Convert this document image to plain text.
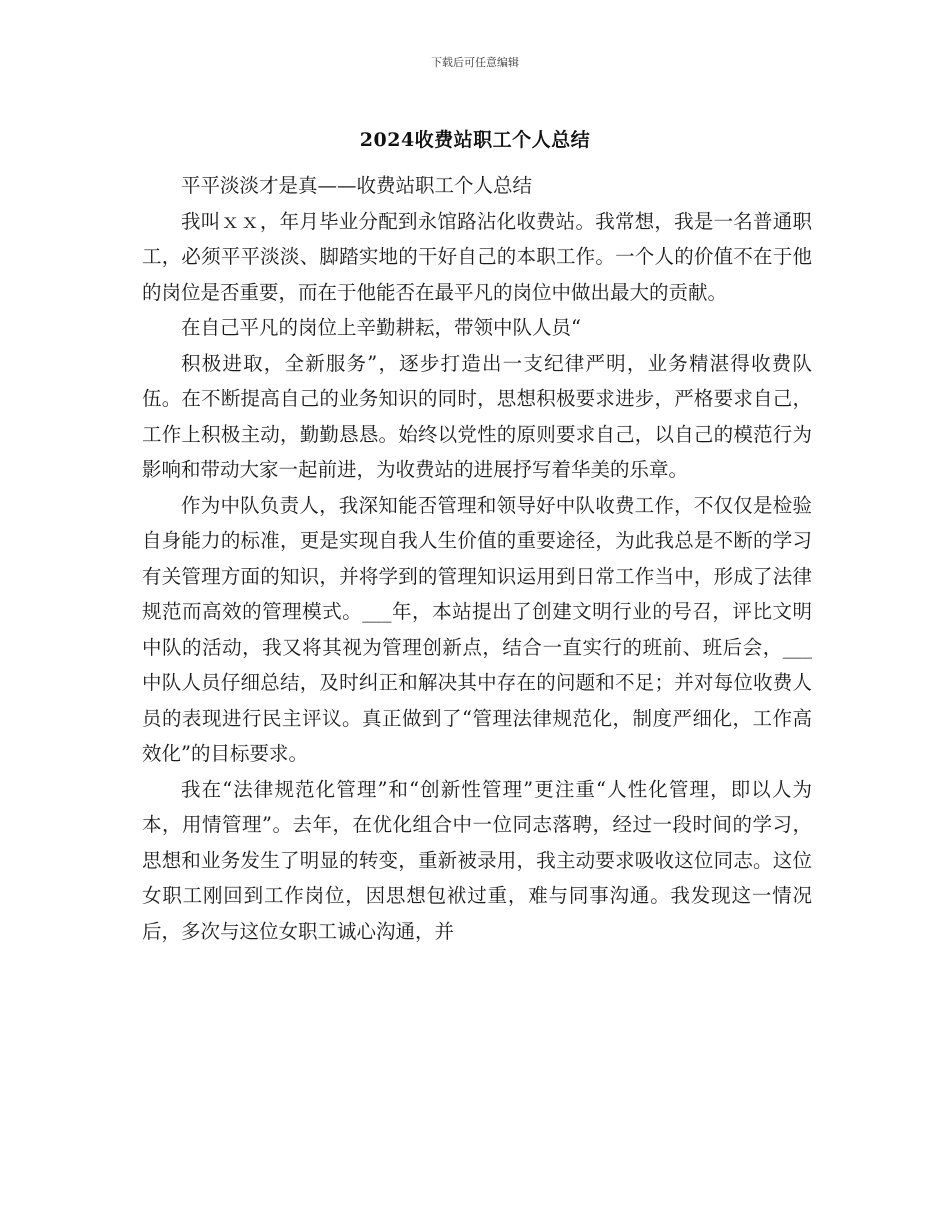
下载后可任意编辑
2024收费站职工个人总结

平平淡淡才是真——收费站职工个人总结

我叫ｘｘ，年月毕业分配到永馆路沾化收费站。我常想，我是一名普通职工，必须平平淡淡、脚踏实地的干好自己的本职工作。一个人的价值不在于他的岗位是否重要，而在于他能否在最平凡的岗位中做出最大的贡献。

在自己平凡的岗位上辛勤耕耘，带领中队人员“

积极进取，全新服务”，逐步打造出一支纪律严明，业务精湛得收费队伍。在不断提高自己的业务知识的同时，思想积极要求进步，严格要求自己，工作上积极主动，勤勤恳恳。始终以党性的原则要求自己，以自己的模范行为影响和带动大家一起前进，为收费站的进展抒写着华美的乐章。

作为中队负责人，我深知能否管理和领导好中队收费工作，不仅仅是检验自身能力的标准，更是实现自我人生价值的重要途径，为此我总是不断的学习有关管理方面的知识，并将学到的管理知识运用到日常工作当中，形成了法律规范而高效的管理模式。___年，本站提出了创建文明行业的号召，评比文明中队的活动，我又将其视为管理创新点，结合一直实行的班前、班后会，___中队人员仔细总结，及时纠正和解决其中存在的问题和不足；并对每位收费人员的表现进行民主评议。真正做到了“管理法律规范化，制度严细化，工作高效化”的目标要求。

我在“法律规范化管理”和“创新性管理”更注重“人性化管理，即以人为本，用情管理”。去年，在优化组合中一位同志落聘，经过一段时间的学习，思想和业务发生了明显的转变，重新被录用，我主动要求吸收这位同志。这位女职工刚回到工作岗位，因思想包袱过重，难与同事沟通。我发现这一情况后，多次与这位女职工诚心沟通，并
